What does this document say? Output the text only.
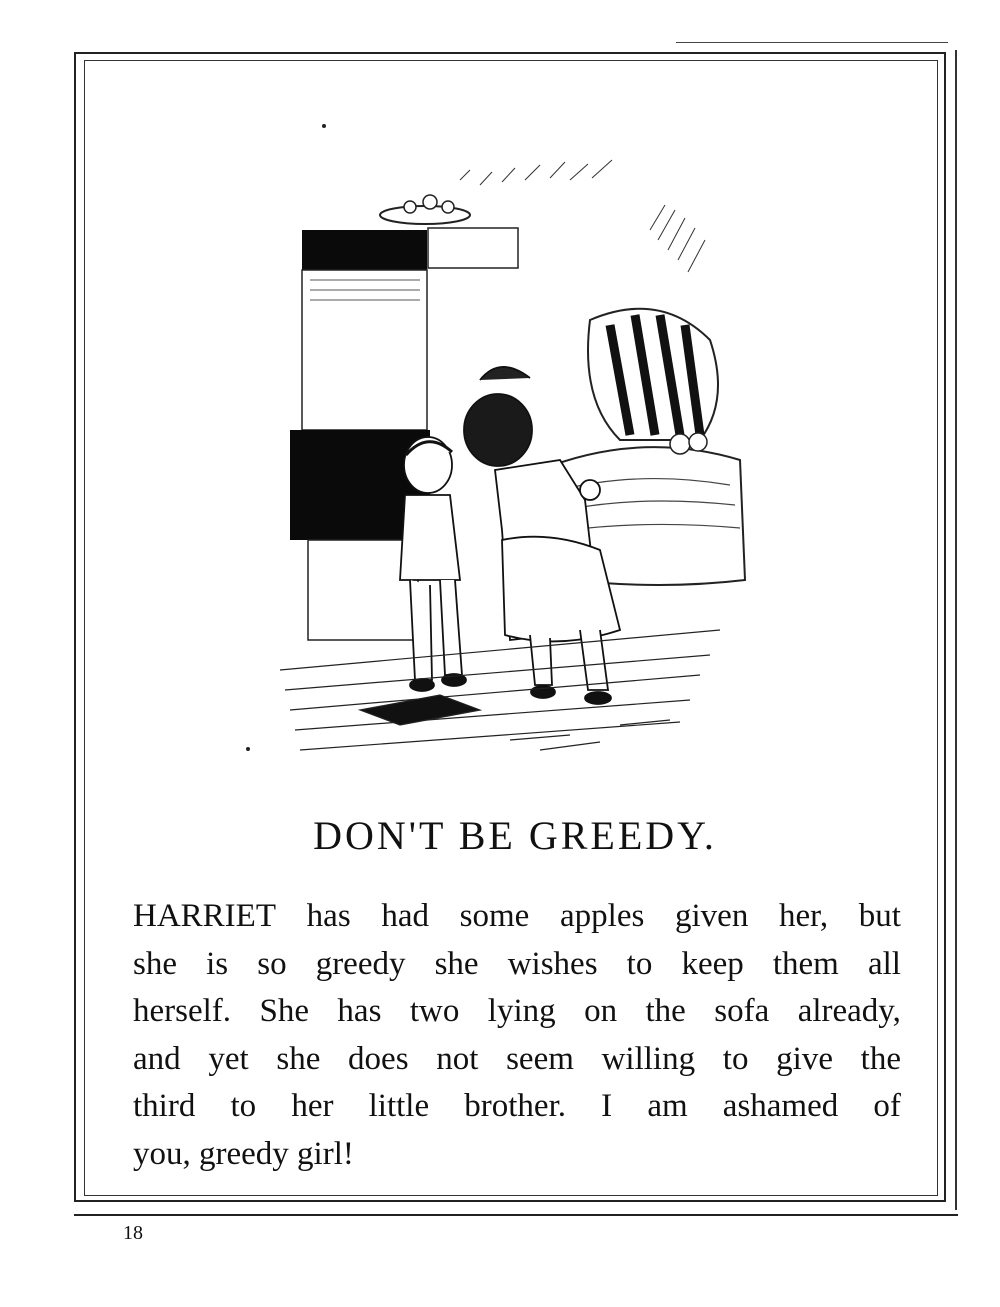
DON'T BE GREEDY.
HARRIET has had some apples given her, but
she is so greedy she wishes to keep them all
herself. She has two lying on the sofa already,
and yet she does not seem willing to give the
third to her little brother. I am ashamed of
you, greedy girl!
18
